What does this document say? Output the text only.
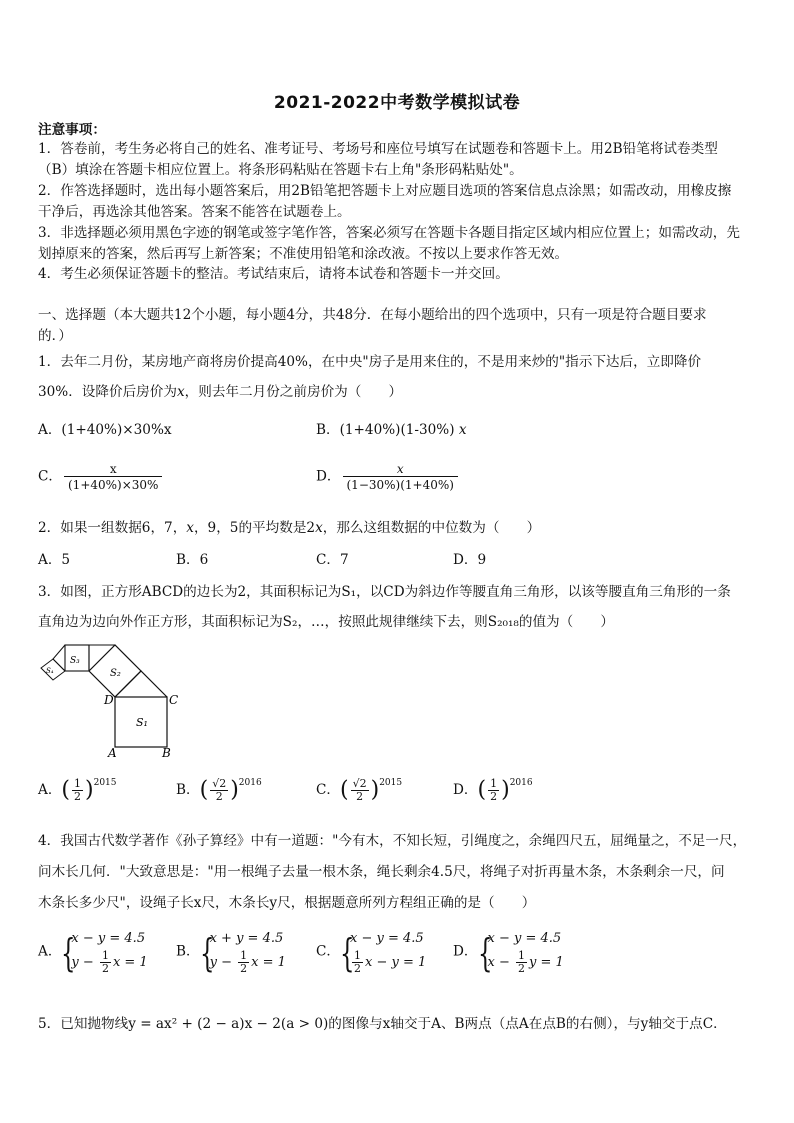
2021-2022中考数学模拟试卷
注意事项：
1．答卷前，考生务必将自己的姓名、准考证号、考场号和座位号填写在试题卷和答题卡上。用2B铅笔将试卷类型
（B）填涂在答题卡相应位置上。将条形码粘贴在答题卡右上角"条形码粘贴处"。
2．作答选择题时，选出每小题答案后，用2B铅笔把答题卡上对应题目选项的答案信息点涂黑；如需改动，用橡皮擦
干净后，再选涂其他答案。答案不能答在试题卷上。
3．非选择题必须用黑色字迹的钢笔或签字笔作答，答案必须写在答题卡各题目指定区域内相应位置上；如需改动，先
划掉原来的答案，然后再写上新答案；不准使用铅笔和涂改液。不按以上要求作答无效。
4．考生必须保证答题卡的整洁。考试结束后，请将本试卷和答题卡一并交回。
一、选择题（本大题共12个小题，每小题4分，共48分．在每小题给出的四个选项中，只有一项是符合题目要求
的．）
1．去年二月份，某房地产商将房价提高40%，在中央"房子是用来住的，不是用来炒的"指示下达后，立即降价
30%．设降价后房价为x，则去年二月份之前房价为（　　）
A．(1+40%)×30%x	B．(1+40%)(1-30%) x
C． $\frac{x}{(1+40\%)\times 30\%}$	D． $\frac{x}{(1-30\%)(1+40\%)}$
2．如果一组数据6，7，x，9，5的平均数是2x，那么这组数据的中位数为（　　）
A．5	B．6	C．7	D．9
3．如图，正方形ABCD的边长为2，其面积标记为S₁，以CD为斜边作等腰直角三角形，以该等腰直角三角形的一条
直角边为边向外作正方形，其面积标记为S₂，…，按照此规律继续下去，则S₂₀₁₈的值为（　　）
S₁
S₂
S₃
S₄
D	C
A	B
A．( $\frac{1}{2} )^{2015}$	B．( $\frac{√2}{2} )^{2016}$	C．( $\frac{√2}{2} )^{2015}$	D．( $\frac{1}{2} )^{2016}$
4．我国古代数学著作《孙子算经》中有一道题："今有木，不知长短，引绳度之，余绳四尺五，屈绳量之，不足一尺，
问木长几何．"大致意思是："用一根绳子去量一根木条，绳长剩余4.5尺，将绳子对折再量木条，木条剩余一尺，问
木条长多少尺"，设绳子长x尺，木条长y尺，根据题意所列方程组正确的是（　　）
A． {
x − y = 4.5
$y - \frac{1}{2}$ x = 1
B． {
x + y = 4.5
$y - \frac{1}{2}$ x = 1
C． {
x − y = 4.5
$\frac{1}{2}$ x − y = 1
D． {
x − y = 4.5
$x - \frac{1}{2}$ y = 1
5．已知抛物线y = ax² + (2 − a)x − 2(a > 0)的图像与x轴交于A、B两点（点A在点B的右侧），与y轴交于点C．
